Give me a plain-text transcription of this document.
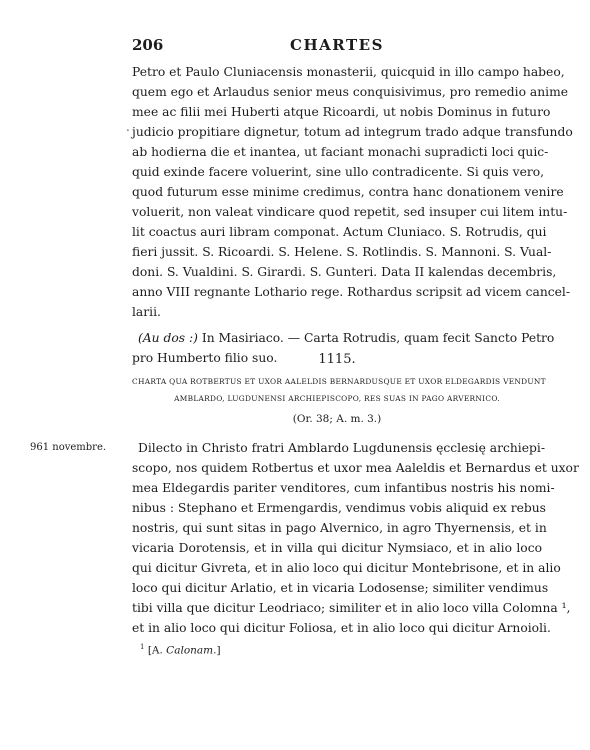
206	CHARTES
Petro et Paulo Cluniacensis monasterii, quicquid in illo campo habeo,
quem ego et Arlaudus senior meus conquisivimus, pro remedio anime
mee ac filii mei Huberti atque Ricoardi, ut nobis Dominus in futuro
judicio propitiare dignetur, totum ad integrum trado adque transfundo
ab hodierna die et inantea, ut faciant monachi supradicti loci quic-
quid exinde facere voluerint, sine ullo contradicente. Si quis vero,
quod futurum esse minime credimus, contra hanc donationem venire
voluerit, non valeat vindicare quod repetit, sed insuper cui litem intu-
lit coactus auri libram componat. Actum Cluniaco. S. Rotrudis, qui
fieri jussit. S. Ricoardi. S. Helene. S. Rotlindis. S. Mannoni. S. Vual-
doni. S. Vualdini. S. Girardi. S. Gunteri. Data II kalendas decembris,
anno VIII regnante Lothario rege. Rothardus scripsit ad vicem cancel-
larii.
(Au dos :) In Masiriaco. — Carta Rotrudis, quam fecit Sancto Petro
pro Humberto filio suo.
.
1115.
CHARTA QUA ROTBERTUS ET UXOR AALELDIS BERNARDUSQUE ET UXOR ELDEGARDIS VENDUNT
AMBLARDO, LUGDUNENSI ARCHIEPISCOPO, RES SUAS IN PAGO ARVERNICO.
(Or. 38; A. m. 3.)
961 novembre.	Dilecto in Christo fratri Amblardo Lugdunensis ęcclesię archiepi-
scopo, nos quidem Rotbertus et uxor mea Aaleldis et Bernardus et uxor
mea Eldegardis pariter venditores, cum infantibus nostris his nomi-
nibus : Stephano et Ermengardis, vendimus vobis aliquid ex rebus
nostris, qui sunt sitas in pago Alvernico, in agro Thyernensis, et in
vicaria Dorotensis, et in villa qui dicitur Nymsiaco, et in alio loco
qui dicitur Givreta, et in alio loco qui dicitur Montebrisone, et in alio
loco qui dicitur Arlatio, et in vicaria Lodosense; similiter vendimus
tibi villa que dicitur Leodriaco; similiter et in alio loco villa Colomna ¹,
et in alio loco qui dicitur Foliosa, et in alio loco qui dicitur Arnoioli.
$^1$ [A. Calonam.]
